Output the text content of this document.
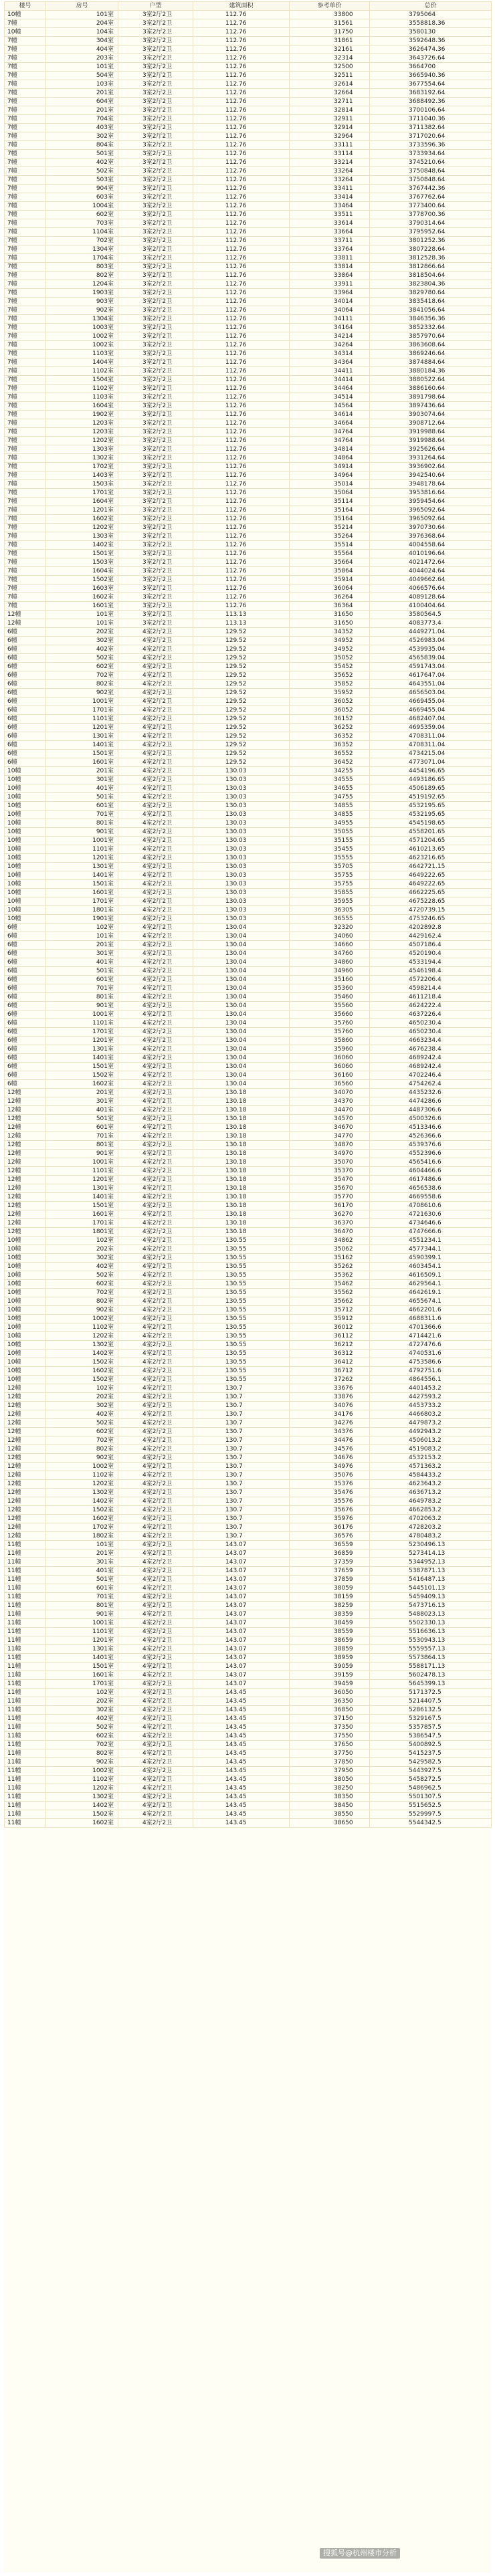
楼号	房号	户型	建筑面积	参考单价	总价
10幢	101室	3室2厅2卫	112.76	33800	3795064
7幢	204室	3室2厅2卫	112.76	31561	3558818.36
10幢	104室	3室2厅2卫	112.76	31750	3580130
7幢	304室	3室2厅2卫	112.76	31861	3592648.36
7幢	404室	3室2厅2卫	112.76	32161	3626474.36
7幢	203室	3室2厅2卫	112.76	32314	3643726.64
7幢	101室	3室2厅2卫	112.76	32500	3664700
7幢	504室	3室2厅2卫	112.76	32511	3665940.36
7幢	103室	3室2厅2卫	112.76	32614	3677554.64
7幢	201室	3室2厅2卫	112.76	32664	3683192.64
7幢	604室	3室2厅2卫	112.76	32711	3688492.36
7幢	201室	3室2厅2卫	112.76	32814	3700106.64
7幢	704室	3室2厅2卫	112.76	32911	3711040.36
7幢	403室	3室2厅2卫	112.76	32914	3711382.64
7幢	302室	3室2厅2卫	112.76	32964	3717020.64
7幢	804室	3室2厅2卫	112.76	33111	3733596.36
7幢	501室	3室2厅2卫	112.76	33114	3733934.64
7幢	402室	3室2厅2卫	112.76	33214	3745210.64
7幢	502室	3室2厅2卫	112.76	33264	3750848.64
7幢	503室	3室2厅2卫	112.76	33264	3750848.64
7幢	904室	3室2厅2卫	112.76	33411	3767442.36
7幢	603室	3室2厅2卫	112.76	33414	3767762.64
7幢	1004室	3室2厅2卫	112.76	33464	3773400.64
7幢	602室	3室2厅2卫	112.76	33511	3778700.36
7幢	703室	3室2厅2卫	112.76	33614	3790314.64
7幢	1104室	3室2厅2卫	112.76	33664	3795952.64
7幢	702室	3室2厅2卫	112.76	33711	3801252.36
7幢	1304室	3室2厅2卫	112.76	33764	3807228.64
7幢	1704室	3室2厅2卫	112.76	33811	3812528.36
7幢	803室	3室2厅2卫	112.76	33814	3812866.64
7幢	802室	3室2厅2卫	112.76	33864	3818504.64
7幢	1204室	3室2厅2卫	112.76	33911	3823804.36
7幢	1903室	3室2厅2卫	112.76	33964	3829780.64
7幢	903室	3室2厅2卫	112.76	34014	3835418.64
7幢	902室	3室2厅2卫	112.76	34064	3841056.64
7幢	1304室	3室2厅2卫	112.76	34111	3846356.36
7幢	1003室	3室2厅2卫	112.76	34164	3852332.64
7幢	1002室	3室2厅2卫	112.76	34214	3857970.64
7幢	1002室	3室2厅2卫	112.76	34264	3863608.64
7幢	1103室	3室2厅2卫	112.76	34314	3869246.64
7幢	1404室	3室2厅2卫	112.76	34364	3874884.64
7幢	1102室	3室2厅2卫	112.76	34411	3880184.36
7幢	1504室	3室2厅2卫	112.76	34414	3880522.64
7幢	1102室	3室2厅2卫	112.76	34464	3886160.64
7幢	1103室	3室2厅2卫	112.76	34514	3891798.64
7幢	1604室	3室2厅2卫	112.76	34564	3897436.64
7幢	1902室	3室2厅2卫	112.76	34614	3903074.64
7幢	1203室	3室2厅2卫	112.76	34664	3908712.64
7幢	1203室	3室2厅2卫	112.76	34764	3919988.64
7幢	1202室	3室2厅2卫	112.76	34764	3919988.64
7幢	1303室	3室2厅2卫	112.76	34814	3925626.64
7幢	1302室	3室2厅2卫	112.76	34864	3931264.64
7幢	1702室	3室2厅2卫	112.76	34914	3936902.64
7幢	1403室	3室2厅2卫	112.76	34964	3942540.64
7幢	1503室	3室2厅2卫	112.76	35014	3948178.64
7幢	1701室	3室2厅2卫	112.76	35064	3953816.64
7幢	1604室	3室2厅2卫	112.76	35114	3959454.64
7幢	1201室	3室2厅2卫	112.76	35164	3965092.64
7幢	1602室	3室2厅2卫	112.76	35164	3965092.64
7幢	1202室	3室2厅2卫	112.76	35214	3970730.64
7幢	1303室	3室2厅2卫	112.76	35264	3976368.64
7幢	1402室	3室2厅2卫	112.76	35514	4004558.64
7幢	1501室	3室2厅2卫	112.76	35564	4010196.64
7幢	1503室	3室2厅2卫	112.76	35664	4021472.64
7幢	1604室	3室2厅2卫	112.76	35864	4044024.64
7幢	1502室	3室2厅2卫	112.76	35914	4049662.64
7幢	1603室	3室2厅2卫	112.76	36064	4066576.64
7幢	1602室	3室2厅2卫	112.76	36264	4089128.64
7幢	1601室	3室2厅2卫	112.76	36364	4100404.64
12幢	101室	3室2厅2卫	113.13	31650	3580564.5
12幢	101室	3室2厅2卫	113.13	31650	4083773.4
6幢	202室	4室2厅2卫	129.52	34352	4449271.04
6幢	302室	4室2厅2卫	129.52	34952	4526983.04
6幢	402室	4室2厅2卫	129.52	34952	4539935.04
6幢	502室	4室2厅2卫	129.52	35052	4565839.04
6幢	602室	4室2厅2卫	129.52	35452	4591743.04
6幢	702室	4室2厅2卫	129.52	35652	4617647.04
6幢	802室	4室2厅2卫	129.52	35852	4643551.04
6幢	902室	4室2厅2卫	129.52	35952	4656503.04
6幢	1001室	4室2厅2卫	129.52	36052	4669455.04
6幢	1701室	4室2厅2卫	129.52	36052	4669455.04
6幢	1101室	4室2厅2卫	129.52	36152	4682407.04
6幢	1201室	4室2厅2卫	129.52	36252	4695359.04
6幢	1301室	4室2厅2卫	129.52	36352	4708311.04
6幢	1401室	4室2厅2卫	129.52	36352	4708311.04
6幢	1501室	4室2厅2卫	129.52	36552	4734215.04
6幢	1601室	4室2厅2卫	129.52	36452	4773071.04
10幢	201室	4室2厅2卫	130.03	34255	4454196.65
10幢	301室	4室2厅2卫	130.03	34555	4493186.65
10幢	401室	4室2厅2卫	130.03	34655	4506189.65
10幢	501室	4室2厅2卫	130.03	34755	4519192.65
10幢	601室	4室2厅2卫	130.03	34855	4532195.65
10幢	701室	4室2厅2卫	130.03	34855	4532195.65
10幢	801室	4室2厅2卫	130.03	34955	4545198.65
10幢	901室	4室2厅2卫	130.03	35055	4558201.65
10幢	1001室	4室2厅2卫	130.03	35155	4571204.65
10幢	1101室	4室2厅2卫	130.03	35455	4610213.65
10幢	1201室	4室2厅2卫	130.03	35555	4623216.65
10幢	1301室	4室2厅2卫	130.03	35705	4642721.15
10幢	1401室	4室2厅2卫	130.03	35755	4649222.65
10幢	1501室	4室2厅2卫	130.03	35755	4649222.65
10幢	1601室	4室2厅2卫	130.03	35855	4662225.65
10幢	1701室	4室2厅2卫	130.03	35955	4675228.65
10幢	1801室	4室2厅2卫	130.03	36305	4720739.15
10幢	1901室	4室2厅2卫	130.03	36555	4753246.65
6幢	102室	4室2厅2卫	130.04	32320	4202892.8
6幢	101室	4室2厅2卫	130.04	34060	4429162.4
6幢	201室	4室2厅2卫	130.04	34660	4507186.4
6幢	301室	4室2厅2卫	130.04	34760	4520190.4
6幢	401室	4室2厅2卫	130.04	34860	4533194.4
6幢	501室	4室2厅2卫	130.04	34960	4546198.4
6幢	601室	4室2厅2卫	130.04	35160	4572206.4
6幢	701室	4室2厅2卫	130.04	35360	4598214.4
6幢	801室	4室2厅2卫	130.04	35460	4611218.4
6幢	901室	4室2厅2卫	130.04	35560	4624222.4
6幢	1001室	4室2厅2卫	130.04	35660	4637226.4
6幢	1101室	4室2厅2卫	130.04	35760	4650230.4
6幢	1701室	4室2厅2卫	130.04	35760	4650230.4
6幢	1201室	4室2厅2卫	130.04	35860	4663234.4
6幢	1301室	4室2厅2卫	130.04	35960	4676238.4
6幢	1401室	4室2厅2卫	130.04	36060	4689242.4
6幢	1501室	4室2厅2卫	130.04	36060	4689242.4
6幢	1502室	4室2厅2卫	130.04	36160	4702246.4
6幢	1602室	4室2厅2卫	130.04	36560	4754262.4
12幢	201室	4室2厅2卫	130.18	34070	4435232.6
12幢	301室	4室2厅2卫	130.18	34370	4474286.6
12幢	401室	4室2厅2卫	130.18	34470	4487306.6
12幢	501室	4室2厅2卫	130.18	34570	4500326.6
12幢	601室	4室2厅2卫	130.18	34670	4513346.6
12幢	701室	4室2厅2卫	130.18	34770	4526366.6
12幢	801室	4室2厅2卫	130.18	34870	4539376.6
12幢	901室	4室2厅2卫	130.18	34970	4552396.6
12幢	1001室	4室2厅2卫	130.18	35070	4565416.6
12幢	1101室	4室2厅2卫	130.18	35370	4604466.6
12幢	1201室	4室2厅2卫	130.18	35470	4617486.6
12幢	1301室	4室2厅2卫	130.18	35670	4656538.6
12幢	1401室	4室2厅2卫	130.18	35770	4669558.6
12幢	1501室	4室2厅2卫	130.18	36170	4708610.6
12幢	1601室	4室2厅2卫	130.18	36270	4721630.6
12幢	1701室	4室2厅2卫	130.18	36370	4734646.6
12幢	1801室	4室2厅2卫	130.18	36470	4747666.6
10幢	102室	4室2厅2卫	130.55	34862	4551234.1
10幢	202室	4室2厅2卫	130.55	35062	4577344.1
10幢	302室	4室2厅2卫	130.55	35162	4590399.1
10幢	402室	4室2厅2卫	130.55	35262	4603454.1
10幢	502室	4室2厅2卫	130.55	35362	4616509.1
10幢	602室	4室2厅2卫	130.55	35462	4629564.1
10幢	702室	4室2厅2卫	130.55	35562	4642619.1
10幢	802室	4室2厅2卫	130.55	35662	4655674.1
10幢	902室	4室2厅2卫	130.55	35712	4662201.6
10幢	1002室	4室2厅2卫	130.55	35912	4688311.6
10幢	1102室	4室2厅2卫	130.55	36012	4701366.6
10幢	1202室	4室2厅2卫	130.55	36112	4714421.6
10幢	1302室	4室2厅2卫	130.55	36212	4727476.6
10幢	1402室	4室2厅2卫	130.55	36312	4740531.6
10幢	1502室	4室2厅2卫	130.55	36412	4753586.6
10幢	1602室	4室2厅2卫	130.55	36712	4792751.6
10幢	1502室	4室2厅2卫	130.55	37262	4864556.1
12幢	102室	4室2厅2卫	130.7	33676	4401453.2
12幢	202室	4室2厅2卫	130.7	33876	4427593.2
12幢	302室	4室2厅2卫	130.7	34076	4453733.2
12幢	402室	4室2厅2卫	130.7	34176	4466803.2
12幢	502室	4室2厅2卫	130.7	34276	4479873.2
12幢	602室	4室2厅2卫	130.7	34376	4492943.2
12幢	702室	4室2厅2卫	130.7	34476	4506013.2
12幢	802室	4室2厅2卫	130.7	34576	4519083.2
12幢	902室	4室2厅2卫	130.7	34676	4532153.2
12幢	1002室	4室2厅2卫	130.7	34976	4571363.2
12幢	1102室	4室2厅2卫	130.7	35076	4584433.2
12幢	1202室	4室2厅2卫	130.7	35376	4623643.2
12幢	1302室	4室2厅2卫	130.7	35476	4636713.2
12幢	1402室	4室2厅2卫	130.7	35576	4649783.2
12幢	1502室	4室2厅2卫	130.7	35676	4662853.2
12幢	1602室	4室2厅2卫	130.7	35976	4702063.2
12幢	1702室	4室2厅2卫	130.7	36176	4728203.2
12幢	1802室	4室2厅2卫	130.7	36576	4780483.2
11幢	101室	4室2厅2卫	143.07	36559	5230496.13
11幢	201室	4室2厅2卫	143.07	36859	5273414.13
11幢	301室	4室2厅2卫	143.07	37359	5344952.13
11幢	401室	4室2厅2卫	143.07	37659	5387871.13
11幢	501室	4室2厅2卫	143.07	37859	5416487.13
11幢	601室	4室2厅2卫	143.07	38059	5445101.13
11幢	701室	4室2厅2卫	143.07	38159	5459409.13
11幢	801室	4室2厅2卫	143.07	38259	5473716.13
11幢	901室	4室2厅2卫	143.07	38359	5488023.13
11幢	1001室	4室2厅2卫	143.07	38459	5502330.13
11幢	1101室	4室2厅2卫	143.07	38559	5516636.13
11幢	1201室	4室2厅2卫	143.07	38659	5530943.13
11幢	1301室	4室2厅2卫	143.07	38859	5559557.13
11幢	1401室	4室2厅2卫	143.07	38959	5573864.13
11幢	1501室	4室2厅2卫	143.07	39059	5588171.13
11幢	1601室	4室2厅2卫	143.07	39159	5602478.13
11幢	1701室	4室2厅2卫	143.07	39459	5645399.13
11幢	102室	4室2厅2卫	143.45	36050	5171372.5
11幢	202室	4室2厅2卫	143.45	36350	5214407.5
11幢	302室	4室2厅2卫	143.45	36850	5286132.5
11幢	402室	4室2厅2卫	143.45	37150	5329167.5
11幢	502室	4室2厅2卫	143.45	37350	5357857.5
11幢	602室	4室2厅2卫	143.45	37550	5386547.5
11幢	702室	4室2厅2卫	143.45	37650	5400892.5
11幢	802室	4室2厅2卫	143.45	37750	5415237.5
11幢	902室	4室2厅2卫	143.45	37850	5429582.5
11幢	1002室	4室2厅2卫	143.45	37950	5443927.5
11幢	1102室	4室2厅2卫	143.45	38050	5458272.5
11幢	1202室	4室2厅2卫	143.45	38250	5486962.5
11幢	1302室	4室2厅2卫	143.45	38350	5501307.5
11幢	1402室	4室2厅2卫	143.45	38450	5515652.5
11幢	1502室	4室2厅2卫	143.45	38550	5529997.5
11幢	1602室	4室2厅2卫	143.45	38650	5544342.5
搜狐号@杭州楼市分析
